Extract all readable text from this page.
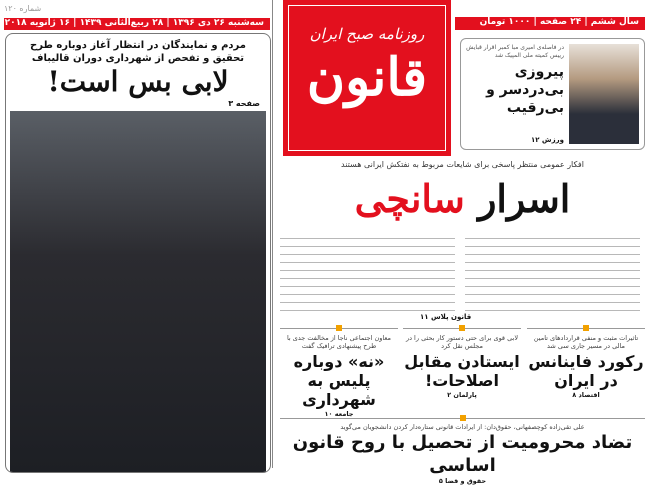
شماره ۱۲۰
سه‌شنبه ۲۶ دی ۱۳۹۶ | ۲۸ ربیع‌الثانی ۱۴۳۹ | ۱۶ ژانویه ۲۰۱۸
مردم و نمایندگان در انتظار آغاز دوباره طرح تحقیق و تفحص از شهرداری دوران قالیباف
لابی بس است!
صفحه ۳
روزنامه صبح ایران
قانون
سال ششم | ۲۴ صفحه | ۱۰۰۰ تومان
در فاصله‌ی امیری مبا کمبر اقرار قبایش رییس کمیته ملی المپیک شد
پیروزی بی‌دردسر و بی‌رقیب
ورزش ۱۲
افکار عمومی منتظر پاسخی برای شایعات مربوط به نفتکش ایرانی هستند
اسرار سانچی
قانون پلاس ۱۱
تاثیرات مثبت و منفی قراردادهای تامین مالی در مسیر جاری سی شد
رکورد فاینانس در ایران
اقتصاد ۸
لابی قوی برای حتی دستور کار بحثی را در مجلس نقل کرد
ایستادن مقابل اصلاحات!
پارلمان ۲
معاون اجتماعی ناجا از مخالفت جدی با طرح پیشنهادی ترافیک گفت
«نه» دوباره پلیس به شهرداری
جامعه ۱۰
علی تقی‌زاده کوچصفهانی، حقوق‌دان: از ایرادات قانونی ستاره‌دار کردن دانشجویان می‌گوید
تضاد محرومیت از تحصیل با روح قانون اساسی
حقوق و قضا ۵
